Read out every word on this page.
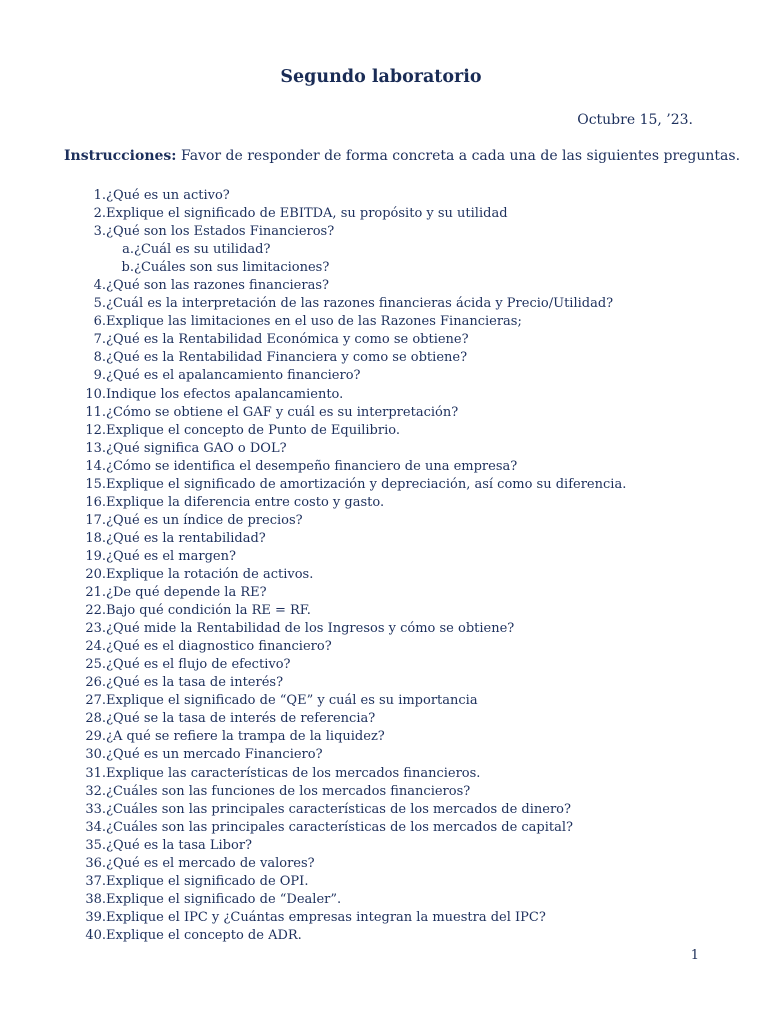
Segundo laboratorio
Octubre 15, ’23.
Instrucciones: Favor de responder de forma concreta a cada una de las siguientes preguntas.
1. ¿Qué es un activo?
2. Explique el significado de EBITDA, su propósito y su utilidad
3. ¿Qué son los Estados Financieros?
a. ¿Cuál es su utilidad?
b. ¿Cuáles son sus limitaciones?
4. ¿Qué son las razones financieras?
5. ¿Cuál es la interpretación de las razones financieras ácida y Precio/Utilidad?
6. Explique las limitaciones en el uso de las Razones Financieras;
7. ¿Qué es la Rentabilidad Económica y como se obtiene?
8. ¿Qué es la Rentabilidad Financiera y como se obtiene?
9. ¿Qué es el apalancamiento financiero?
10. Indique los efectos apalancamiento.
11. ¿Cómo se obtiene el GAF y cuál es su interpretación?
12. Explique el concepto de Punto de Equilibrio.
13. ¿Qué significa GAO o DOL?
14. ¿Cómo se identifica el desempeño financiero de una empresa?
15. Explique el significado de amortización y depreciación, así como su diferencia.
16. Explique la diferencia entre costo y gasto.
17. ¿Qué es un índice de precios?
18. ¿Qué es la rentabilidad?
19. ¿Qué es el margen?
20. Explique la rotación de activos.
21. ¿De qué depende la RE?
22. Bajo qué condición la RE = RF.
23. ¿Qué mide la Rentabilidad de los Ingresos y cómo se obtiene?
24. ¿Qué es el diagnostico financiero?
25. ¿Qué es el flujo de efectivo?
26. ¿Qué es la tasa de interés?
27. Explique el significado de “QE” y cuál es su importancia
28. ¿Qué se la tasa de interés de referencia?
29. ¿A qué se refiere la trampa de la liquidez?
30. ¿Qué es un mercado Financiero?
31. Explique las características de los mercados financieros.
32. ¿Cuáles son las funciones de los mercados financieros?
33. ¿Cuáles son las principales características de los mercados de dinero?
34. ¿Cuáles son las principales características de los mercados de capital?
35. ¿Qué es la tasa Libor?
36. ¿Qué es el mercado de valores?
37. Explique el significado de OPI.
38. Explique el significado de “Dealer”.
39. Explique el IPC y ¿Cuántas empresas integran la muestra del IPC?
40. Explique el concepto de ADR.
1
